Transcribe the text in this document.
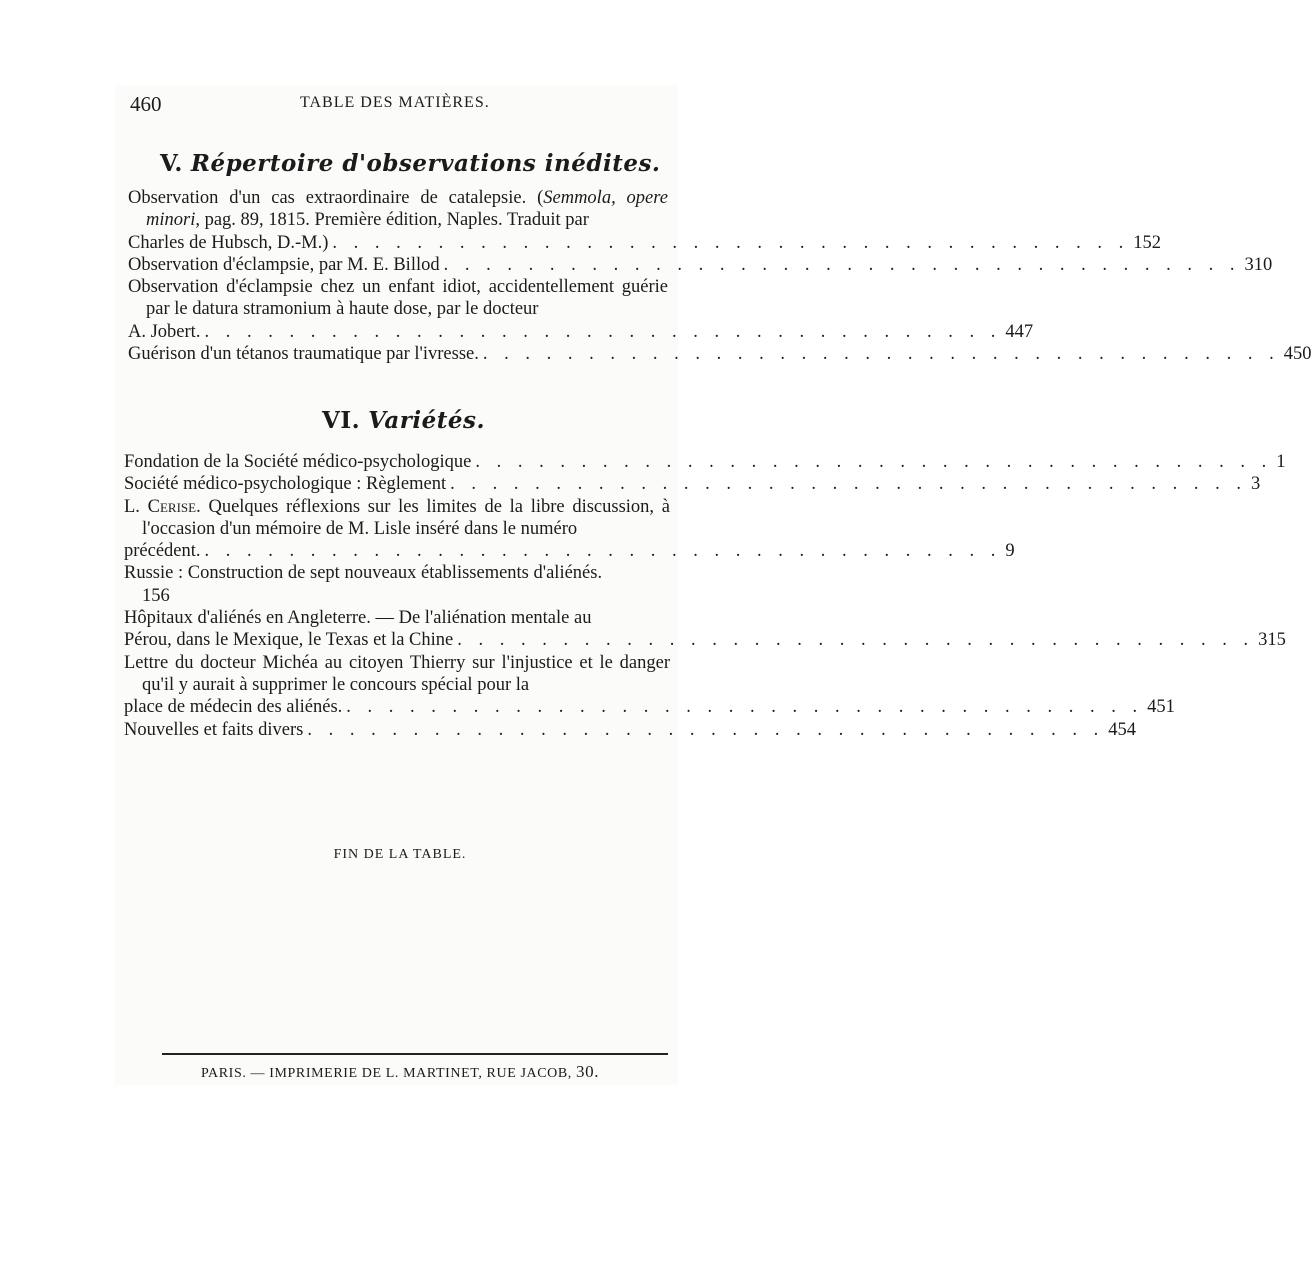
460	TABLE DES MATIÈRES.
V. Répertoire d'observations inédites.
Observation d'un cas extraordinaire de catalepsie. (Semmola, opere minori, pag. 89, 1815. Première édition, Naples. Traduit par
Charles de Hubsch, D.-M.) . . . . . . . . . . . . . . . . . . . . . . . . . . . . . . . . . . . . . . 152
Observation d'éclampsie, par M. E. Billod . . . . . . . . . . . . . . . . . . . . . . . . . . . . . . . . . . . . . . 310
Observation d'éclampsie chez un enfant idiot, accidentellement guérie par le datura stramonium à haute dose, par le docteur
A. Jobert. . . . . . . . . . . . . . . . . . . . . . . . . . . . . . . . . . . . . . . 447
Guérison d'un tétanos traumatique par l'ivresse. . . . . . . . . . . . . . . . . . . . . . . . . . . . . . . . . . . . . . . 450
VI. Variétés.
Fondation de la Société médico-psychologique . . . . . . . . . . . . . . . . . . . . . . . . . . . . . . . . . . . . . . 1
Société médico-psychologique : Règlement . . . . . . . . . . . . . . . . . . . . . . . . . . . . . . . . . . . . . . 3
L. Cerise. Quelques réflexions sur les limites de la libre discussion, à l'occasion d'un mémoire de M. Lisle inséré dans le numéro
précédent. . . . . . . . . . . . . . . . . . . . . . . . . . . . . . . . . . . . . . . 9
Russie : Construction de sept nouveaux établissements d'aliénés.
156
Hôpitaux d'aliénés en Angleterre. — De l'aliénation mentale au
Pérou, dans le Mexique, le Texas et la Chine . . . . . . . . . . . . . . . . . . . . . . . . . . . . . . . . . . . . . . 315
Lettre du docteur Michéa au citoyen Thierry sur l'injustice et le danger qu'il y aurait à supprimer le concours spécial pour la
place de médecin des aliénés. . . . . . . . . . . . . . . . . . . . . . . . . . . . . . . . . . . . . . . 451
Nouvelles et faits divers . . . . . . . . . . . . . . . . . . . . . . . . . . . . . . . . . . . . . . 454
FIN DE LA TABLE.
PARIS. — IMPRIMERIE DE L. MARTINET, RUE JACOB, 30.
